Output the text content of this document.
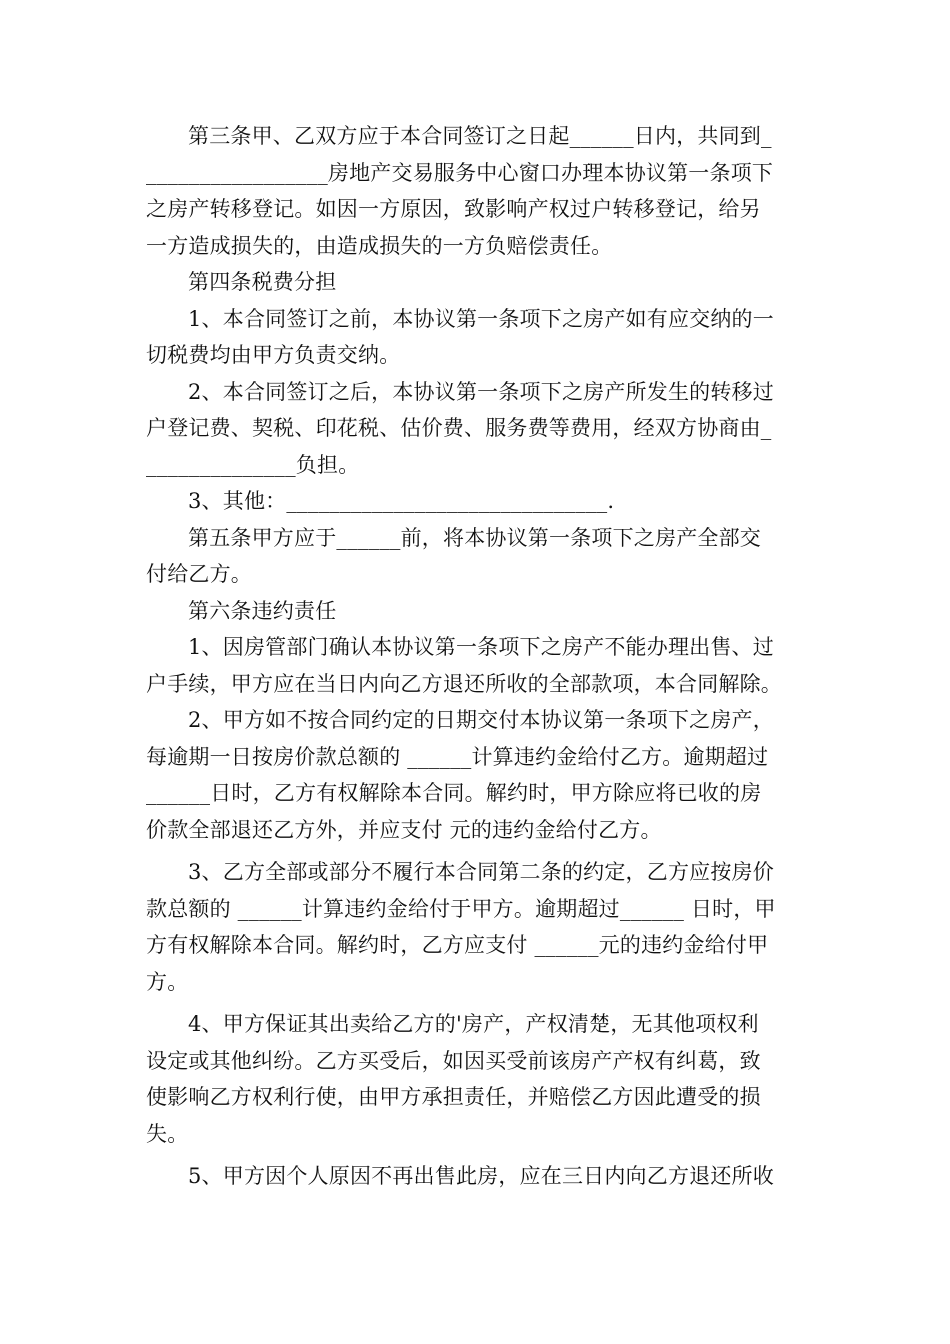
第三条甲、乙双方应于本合同签订之日起______日内，共同到_
_________________房地产交易服务中心窗口办理本协议第一条项下
之房产转移登记。如因一方原因，致影响产权过户转移登记，给另
一方造成损失的，由造成损失的一方负赔偿责任。
第四条税费分担
1、本合同签订之前，本协议第一条项下之房产如有应交纳的一
切税费均由甲方负责交纳。
2、本合同签订之后，本协议第一条项下之房产所发生的转移过
户登记费、契税、印花税、估价费、服务费等费用，经双方协商由_
______________负担。
3、其他：______________________________.
第五条甲方应于______前，将本协议第一条项下之房产全部交
付给乙方。
第六条违约责任
1、因房管部门确认本协议第一条项下之房产不能办理出售、过
户手续，甲方应在当日内向乙方退还所收的全部款项，本合同解除。
2、甲方如不按合同约定的日期交付本协议第一条项下之房产，
每逾期一日按房价款总额的 ______计算违约金给付乙方。逾期超过
______日时，乙方有权解除本合同。解约时，甲方除应将已收的房
价款全部退还乙方外，并应支付 元的违约金给付乙方。
3、乙方全部或部分不履行本合同第二条的约定，乙方应按房价
款总额的 ______计算违约金给付于甲方。逾期超过______ 日时，甲
方有权解除本合同。解约时，乙方应支付 ______元的违约金给付甲
方。
4、甲方保证其出卖给乙方的'房产，产权清楚，无其他项权利
设定或其他纠纷。乙方买受后，如因买受前该房产产权有纠葛，致
使影响乙方权利行使，由甲方承担责任，并赔偿乙方因此遭受的损
失。
5、甲方因个人原因不再出售此房，应在三日内向乙方退还所收
